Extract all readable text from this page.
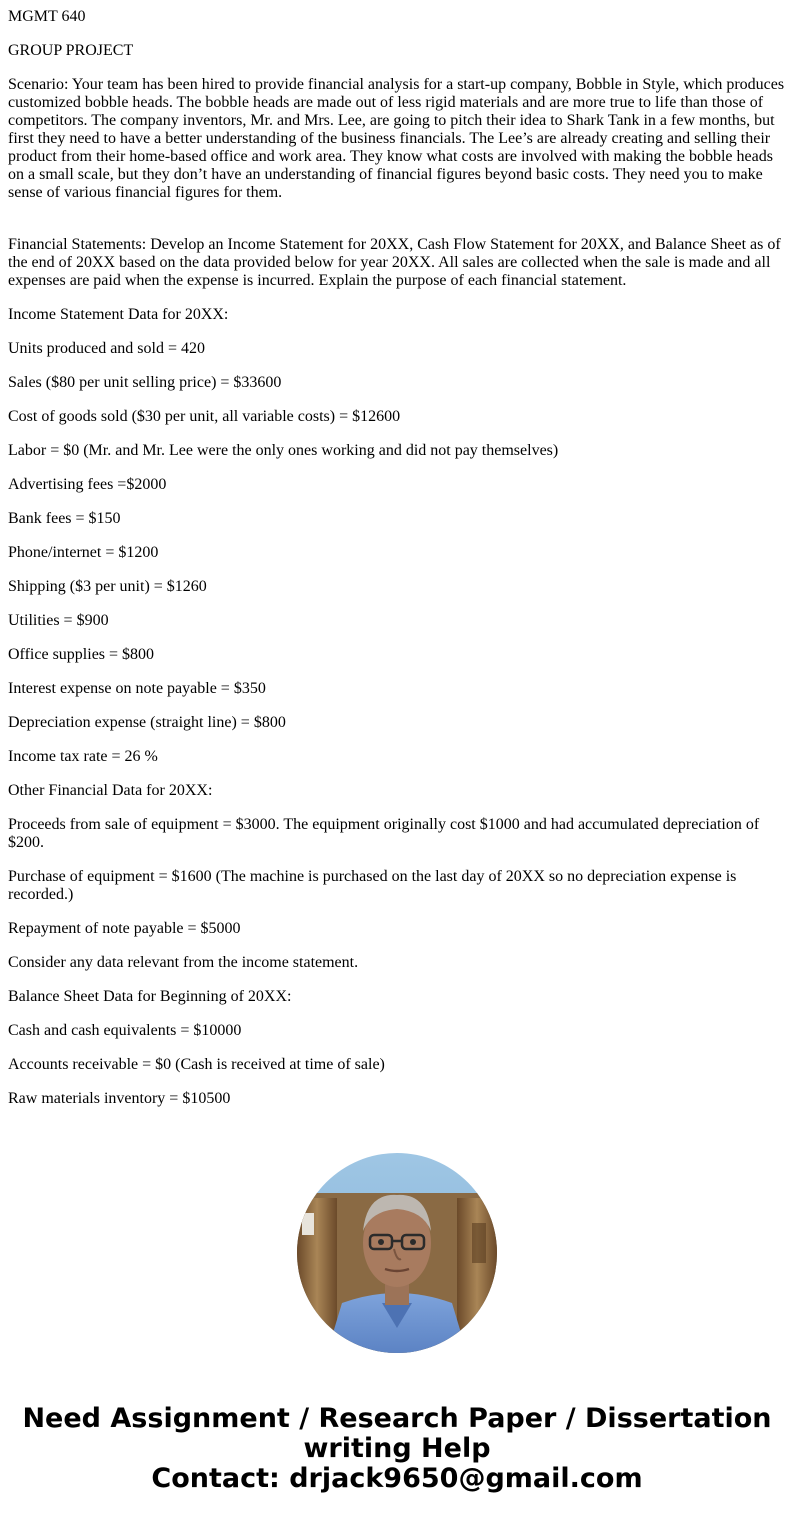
MGMT 640

GROUP PROJECT

Scenario: Your team has been hired to provide financial analysis for a start-up company, Bobble in Style, which produces customized bobble heads. The bobble heads are made out of less rigid materials and are more true to life than those of competitors. The company inventors, Mr. and Mrs. Lee, are going to pitch their idea to Shark Tank in a few months, but first they need to have a better understanding of the business financials. The Lee’s are already creating and selling their product from their home-based office and work area. They know what costs are involved with making the bobble heads on a small scale, but they don’t have an understanding of financial figures beyond basic costs. They need you to make sense of various financial figures for them.

Financial Statements: Develop an Income Statement for 20XX, Cash Flow Statement for 20XX, and Balance Sheet as of the end of 20XX based on the data provided below for year 20XX. All sales are collected when the sale is made and all expenses are paid when the expense is incurred. Explain the purpose of each financial statement.

Income Statement Data for 20XX:

Units produced and sold = 420

Sales ($80 per unit selling price) = $33600

Cost of goods sold ($30 per unit, all variable costs) = $12600

Labor = $0 (Mr. and Mr. Lee were the only ones working and did not pay themselves)

Advertising fees =$2000

Bank fees = $150

Phone/internet = $1200

Shipping ($3 per unit) = $1260

Utilities = $900

Office supplies = $800

Interest expense on note payable = $350

Depreciation expense (straight line) = $800

Income tax rate = 26 %

Other Financial Data for 20XX:

Proceeds from sale of equipment = $3000. The equipment originally cost $1000 and had accumulated depreciation of $200.

Purchase of equipment = $1600 (The machine is purchased on the last day of 20XX so no depreciation expense is recorded.)

Repayment of note payable = $5000

Consider any data relevant from the income statement.

Balance Sheet Data for Beginning of 20XX:

Cash and cash equivalents = $10000

Accounts receivable = $0 (Cash is received at time of sale)

Raw materials inventory = $10500

Need Assignment / Research Paper / Dissertation
writing Help
Contact: drjack9650@gmail.com
